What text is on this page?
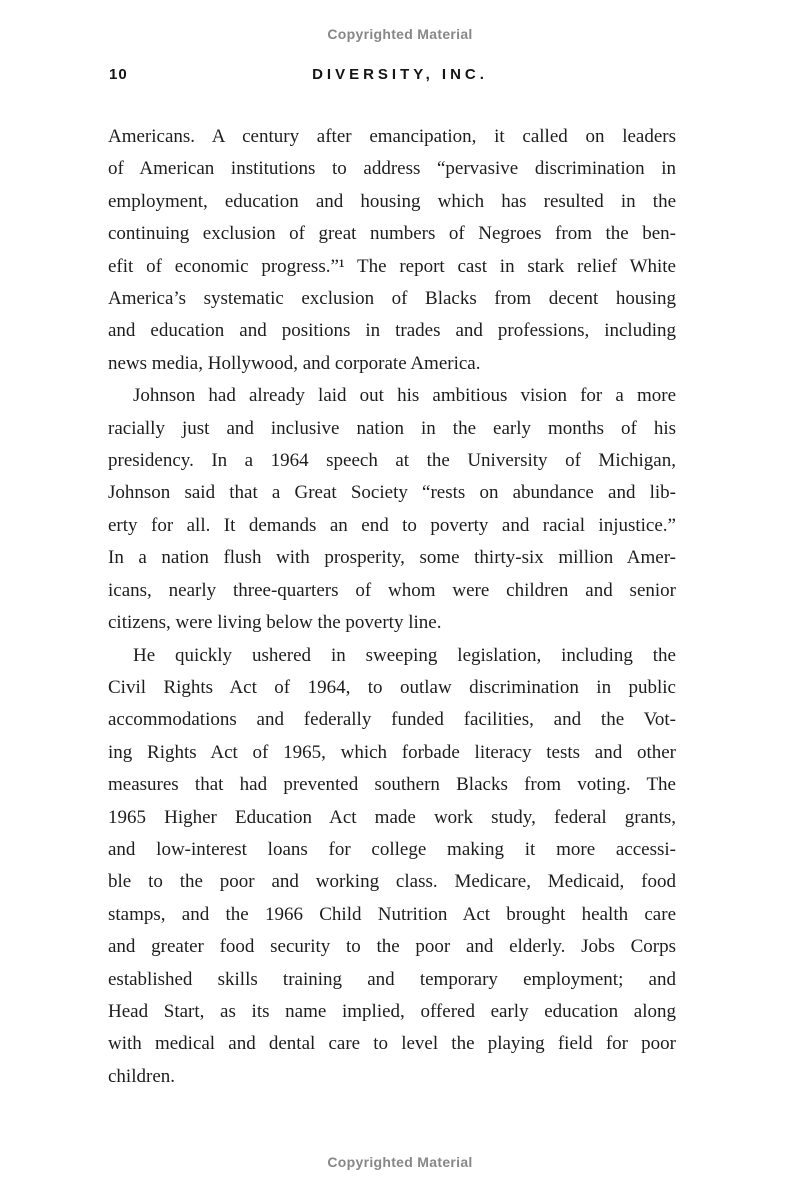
Copyrighted Material
10	DIVERSITY, INC.
Americans. A century after emancipation, it called on leaders
of American institutions to address “pervasive discrimination in
employment, education and housing which has resulted in the
continuing exclusion of great numbers of Negroes from the ben-
efit of economic progress.”¹ The report cast in stark relief White
America’s systematic exclusion of Blacks from decent housing
and education and positions in trades and professions, including
news media, Hollywood, and corporate America.
Johnson had already laid out his ambitious vision for a more
racially just and inclusive nation in the early months of his
presidency. In a 1964 speech at the University of Michigan,
Johnson said that a Great Society “rests on abundance and lib-
erty for all. It demands an end to poverty and racial injustice.”
In a nation flush with prosperity, some thirty-six million Amer-
icans, nearly three-quarters of whom were children and senior
citizens, were living below the poverty line.
He quickly ushered in sweeping legislation, including the
Civil Rights Act of 1964, to outlaw discrimination in public
accommodations and federally funded facilities, and the Vot-
ing Rights Act of 1965, which forbade literacy tests and other
measures that had prevented southern Blacks from voting. The
1965 Higher Education Act made work study, federal grants,
and low-interest loans for college making it more accessi-
ble to the poor and working class. Medicare, Medicaid, food
stamps, and the 1966 Child Nutrition Act brought health care
and greater food security to the poor and elderly. Jobs Corps
established skills training and temporary employment; and
Head Start, as its name implied, offered early education along
with medical and dental care to level the playing field for poor
children.
Copyrighted Material
